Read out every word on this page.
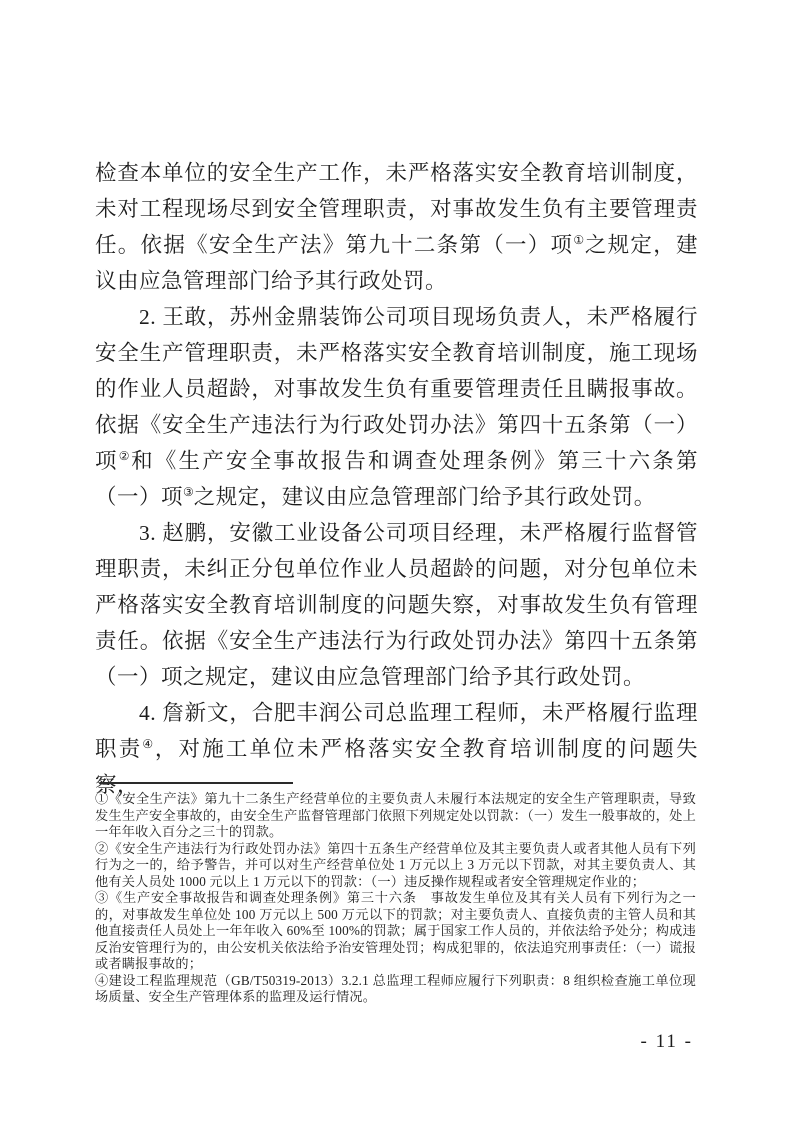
检查本单位的安全生产工作，未严格落实安全教育培训制度，未对工程现场尽到安全管理职责，对事故发生负有主要管理责任。依据《安全生产法》第九十二条第（一）项①之规定，建议由应急管理部门给予其行政处罚。

2. 王敢，苏州金鼎装饰公司项目现场负责人，未严格履行安全生产管理职责，未严格落实安全教育培训制度，施工现场的作业人员超龄，对事故发生负有重要管理责任且瞒报事故。依据《安全生产违法行为行政处罚办法》第四十五条第（一）项②和《生产安全事故报告和调查处理条例》第三十六条第（一）项③之规定，建议由应急管理部门给予其行政处罚。

3. 赵鹏，安徽工业设备公司项目经理，未严格履行监督管理职责，未纠正分包单位作业人员超龄的问题，对分包单位未严格落实安全教育培训制度的问题失察，对事故发生负有管理责任。依据《安全生产违法行为行政处罚办法》第四十五条第（一）项之规定，建议由应急管理部门给予其行政处罚。

4. 詹新文，合肥丰润公司总监理工程师，未严格履行监理职责④，对施工单位未严格落实安全教育培训制度的问题失察，

①《安全生产法》第九十二条生产经营单位的主要负责人未履行本法规定的安全生产管理职责，导致发生生产安全事故的，由安全生产监督管理部门依照下列规定处以罚款：（一）发生一般事故的，处上一年年收入百分之三十的罚款。

②《安全生产违法行为行政处罚办法》第四十五条生产经营单位及其主要负责人或者其他人员有下列行为之一的，给予警告，并可以对生产经营单位处 1 万元以上 3 万元以下罚款，对其主要负责人、其他有关人员处 1000 元以上 1 万元以下的罚款：（一）违反操作规程或者安全管理规定作业的；

③《生产安全事故报告和调查处理条例》第三十六条　事故发生单位及其有关人员有下列行为之一的，对事故发生单位处 100 万元以上 500 万元以下的罚款；对主要负责人、直接负责的主管人员和其他直接责任人员处上一年年收入 60%至 100%的罚款；属于国家工作人员的，并依法给予处分；构成违反治安管理行为的，由公安机关依法给予治安管理处罚；构成犯罪的，依法追究刑事责任：（一）谎报或者瞒报事故的；

④建设工程监理规范（GB/T50319-2013）3.2.1 总监理工程师应履行下列职责：8 组织检查施工单位现场质量、安全生产管理体系的监理及运行情况。

- 11 -
